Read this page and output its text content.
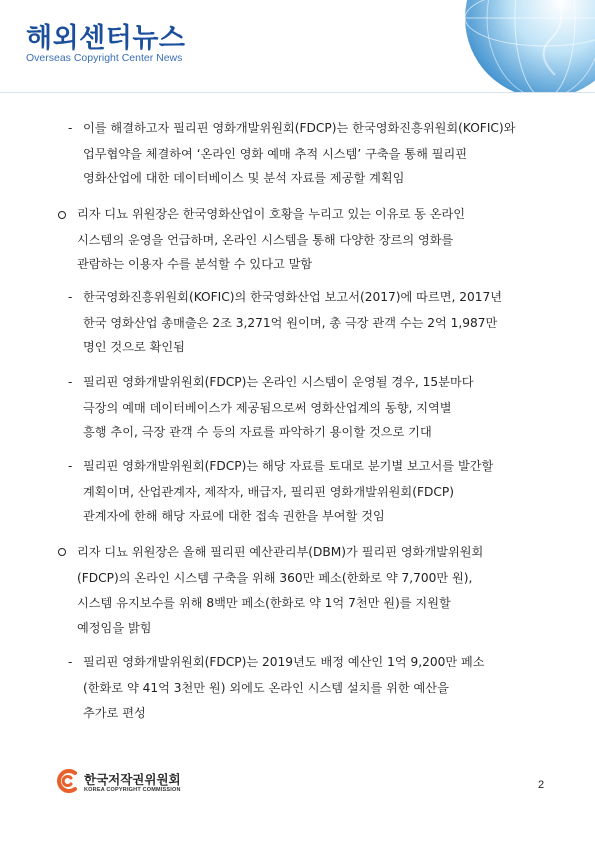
해외센터뉴스
Overseas Copyright Center News
- 이를 해결하고자 필리핀 영화개발위원회(FDCP)는 한국영화진흥위원회(KOFIC)와
업무협약을 체결하여 ‘온라인 영화 예매 추적 시스템’ 구축을 통해 필리핀
영화산업에 대한 데이터베이스 및 분석 자료를 제공할 계획임
리자 디뇨 위원장은 한국영화산업이 호황을 누리고 있는 이유로 동 온라인
시스템의 운영을 언급하며, 온라인 시스템을 통해 다양한 장르의 영화를
관람하는 이용자 수를 분석할 수 있다고 말함
- 한국영화진흥위원회(KOFIC)의 한국영화산업 보고서(2017)에 따르면, 2017년
한국 영화산업 총매출은 2조 3,271억 원이며, 총 극장 관객 수는 2억 1,987만
명인 것으로 확인됨
- 필리핀 영화개발위원회(FDCP)는 온라인 시스템이 운영될 경우, 15분마다
극장의 예매 데이터베이스가 제공됨으로써 영화산업계의 동향, 지역별
흥행 추이, 극장 관객 수 등의 자료를 파악하기 용이할 것으로 기대
- 필리핀 영화개발위원회(FDCP)는 해당 자료를 토대로 분기별 보고서를 발간할
계획이며, 산업관계자, 제작자, 배급자, 필리핀 영화개발위원회(FDCP)
관계자에 한해 해당 자료에 대한 접속 권한을 부여할 것임
리자 디뇨 위원장은 올해 필리핀 예산관리부(DBM)가 필리핀 영화개발위원회
(FDCP)의 온라인 시스템 구축을 위해 360만 페소(한화로 약 7,700만 원),
시스템 유지보수를 위해 8백만 페소(한화로 약 1억 7천만 원)를 지원할
예정임을 밝힘
- 필리핀 영화개발위원회(FDCP)는 2019년도 배정 예산인 1억 9,200만 페소
(한화로 약 41억 3천만 원) 외에도 온라인 시스템 설치를 위한 예산을
추가로 편성
한국저작권위원회
KOREA COPYRIGHT COMMISSION	2
